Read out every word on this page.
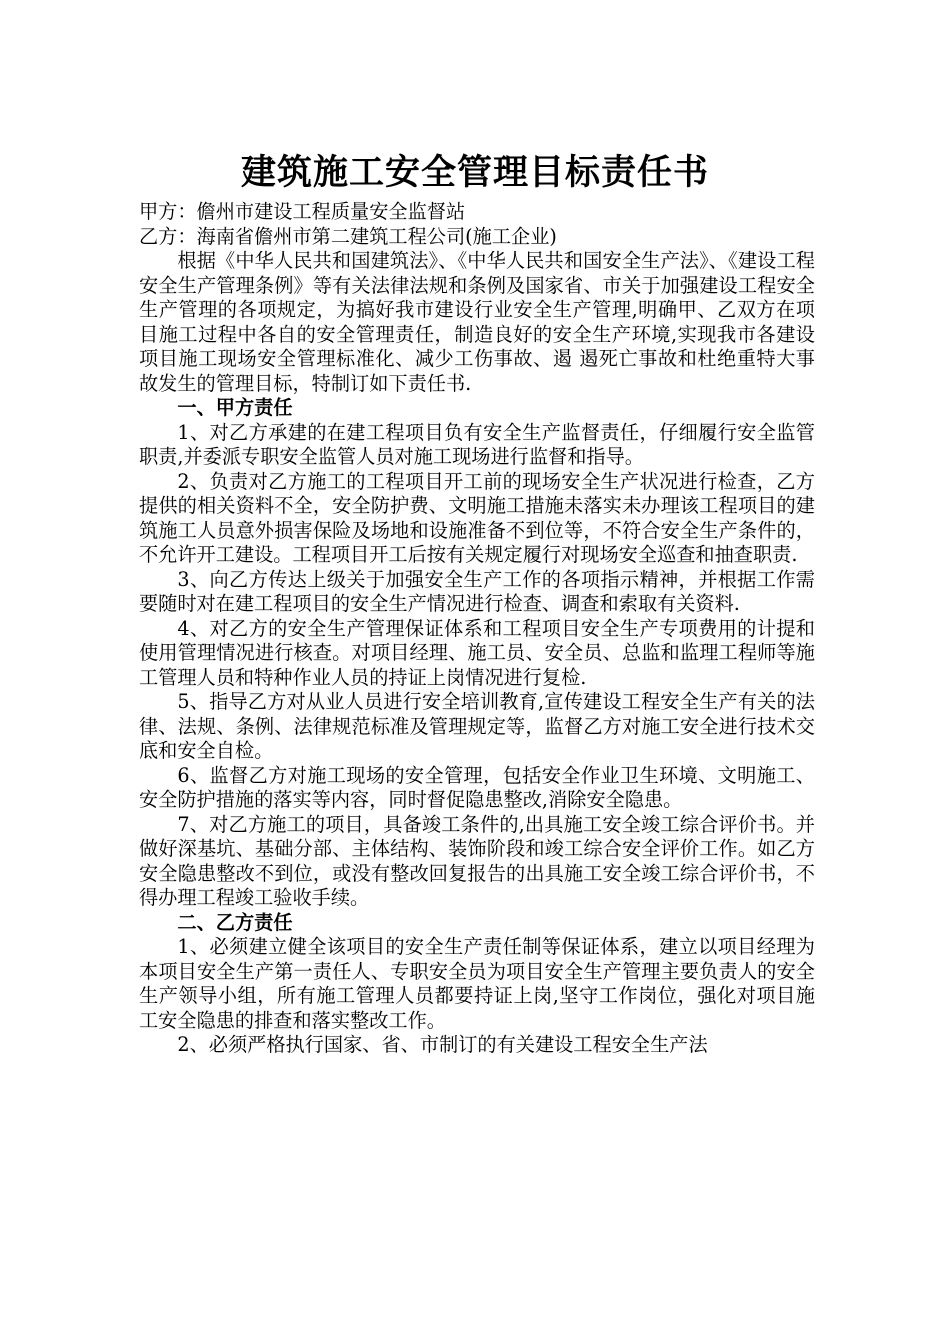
建筑施工安全管理目标责任书

甲方：儋州市建设工程质量安全监督站

乙方：海南省儋州市第二建筑工程公司(施工企业)

根据《中华人民共和国建筑法》、《中华人民共和国安全生产法》、《建设工程安全生产管理条例》等有关法律法规和条例及国家省、市关于加强建设工程安全生产管理的各项规定，为搞好我市建设行业安全生产管理,明确甲、乙双方在项目施工过程中各自的安全管理责任，制造良好的安全生产环境,实现我市各建设项目施工现场安全管理标准化、减少工伤事故、遏 遏死亡事故和杜绝重特大事故发生的管理目标，特制订如下责任书.

一、甲方责任

1、对乙方承建的在建工程项目负有安全生产监督责任，仔细履行安全监管职责,并委派专职安全监管人员对施工现场进行监督和指导。

2、负责对乙方施工的工程项目开工前的现场安全生产状况进行检查，乙方提供的相关资料不全，安全防护费、文明施工措施未落实未办理该工程项目的建筑施工人员意外损害保险及场地和设施准备不到位等，不符合安全生产条件的，不允许开工建设。工程项目开工后按有关规定履行对现场安全巡查和抽查职责.

3、向乙方传达上级关于加强安全生产工作的各项指示精神，并根据工作需要随时对在建工程项目的安全生产情况进行检查、调查和索取有关资料.

4、对乙方的安全生产管理保证体系和工程项目安全生产专项费用的计提和使用管理情况进行核查。对项目经理、施工员、安全员、总监和监理工程师等施工管理人员和特种作业人员的持证上岗情况进行复检.

5、指导乙方对从业人员进行安全培训教育,宣传建设工程安全生产有关的法律、法规、条例、法律规范标准及管理规定等，监督乙方对施工安全进行技术交底和安全自检。

6、监督乙方对施工现场的安全管理，包括安全作业卫生环境、文明施工、安全防护措施的落实等内容，同时督促隐患整改,消除安全隐患。

7、对乙方施工的项目，具备竣工条件的,出具施工安全竣工综合评价书。并做好深基坑、基础分部、主体结构、装饰阶段和竣工综合安全评价工作。如乙方安全隐患整改不到位，或没有整改回复报告的出具施工安全竣工综合评价书，不得办理工程竣工验收手续。

二、乙方责任

1、必须建立健全该项目的安全生产责任制等保证体系，建立以项目经理为本项目安全生产第一责任人、专职安全员为项目安全生产管理主要负责人的安全生产领导小组，所有施工管理人员都要持证上岗,坚守工作岗位，强化对项目施工安全隐患的排查和落实整改工作。

2、必须严格执行国家、省、市制订的有关建设工程安全生产法
